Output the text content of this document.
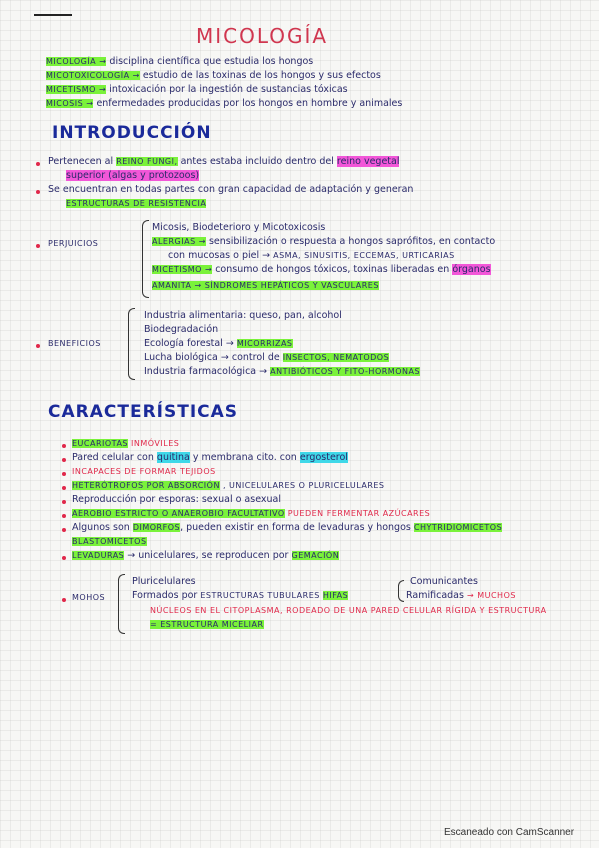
MICOLOGÍA
MICOLOGÍA → disciplina científica que estudia los hongos
MICOTOXICOLOGÍA → estudio de las toxinas de los hongos y sus efectos
MICETISMO → intoxicación por la ingestión de sustancias tóxicas
MICOSIS → enfermedades producidas por los hongos en hombre y animales
INTRODUCCIÓN
Pertenecen al REINO FUNGI, antes estaba incluido dentro del reino vegetal
superior (algas y protozoos)
Se encuentran en todas partes con gran capacidad de adaptación y generan
ESTRUCTURAS DE RESISTENCIA
PERJUICIOS
Micosis, Biodeterioro y Micotoxicosis
ALERGIAS → sensibilización o respuesta a hongos saprófitos, en contacto
con mucosas o piel → ASMA, SINUSITIS, ECCEMAS, URTICARIAS
MICETISMO → consumo de hongos tóxicos, toxinas liberadas en órganos
AMANITA → SÍNDROMES HEPÁTICOS Y VASCULARES
BENEFICIOS
Industria alimentaria: queso, pan, alcohol
Biodegradación
Ecología forestal → MICORRIZAS
Lucha biológica → control de INSECTOS, NEMATODOS
Industria farmacológica → ANTIBIÓTICOS Y FITO-HORMONAS
CARACTERÍSTICAS
EUCARIOTAS INMÓVILES
Pared celular con quitina y membrana cito. con ergosterol
INCAPACES DE FORMAR TEJIDOS
HETERÓTROFOS POR ABSORCIÓN , UNICELULARES O PLURICELULARES
Reproducción por esporas: sexual o asexual
AEROBIO ESTRICTO O ANAEROBIO FACULTATIVO PUEDEN FERMENTAR AZÚCARES
Algunos son DIMORFOS, pueden existir en forma de levaduras y hongos CHYTRIDIOMICETOS
BLASTOMICETOS
LEVADURAS → unicelulares, se reproducen por GEMACIÓN
MOHOS
Pluricelulares
Formados por ESTRUCTURAS TUBULARES HIFAS
Comunicantes
Ramificadas → MUCHOS
NÚCLEOS EN EL CITOPLASMA, RODEADO DE UNA PARED CELULAR RÍGIDA Y ESTRUCTURA
= ESTRUCTURA MICELIAR
Escaneado con CamScanner
